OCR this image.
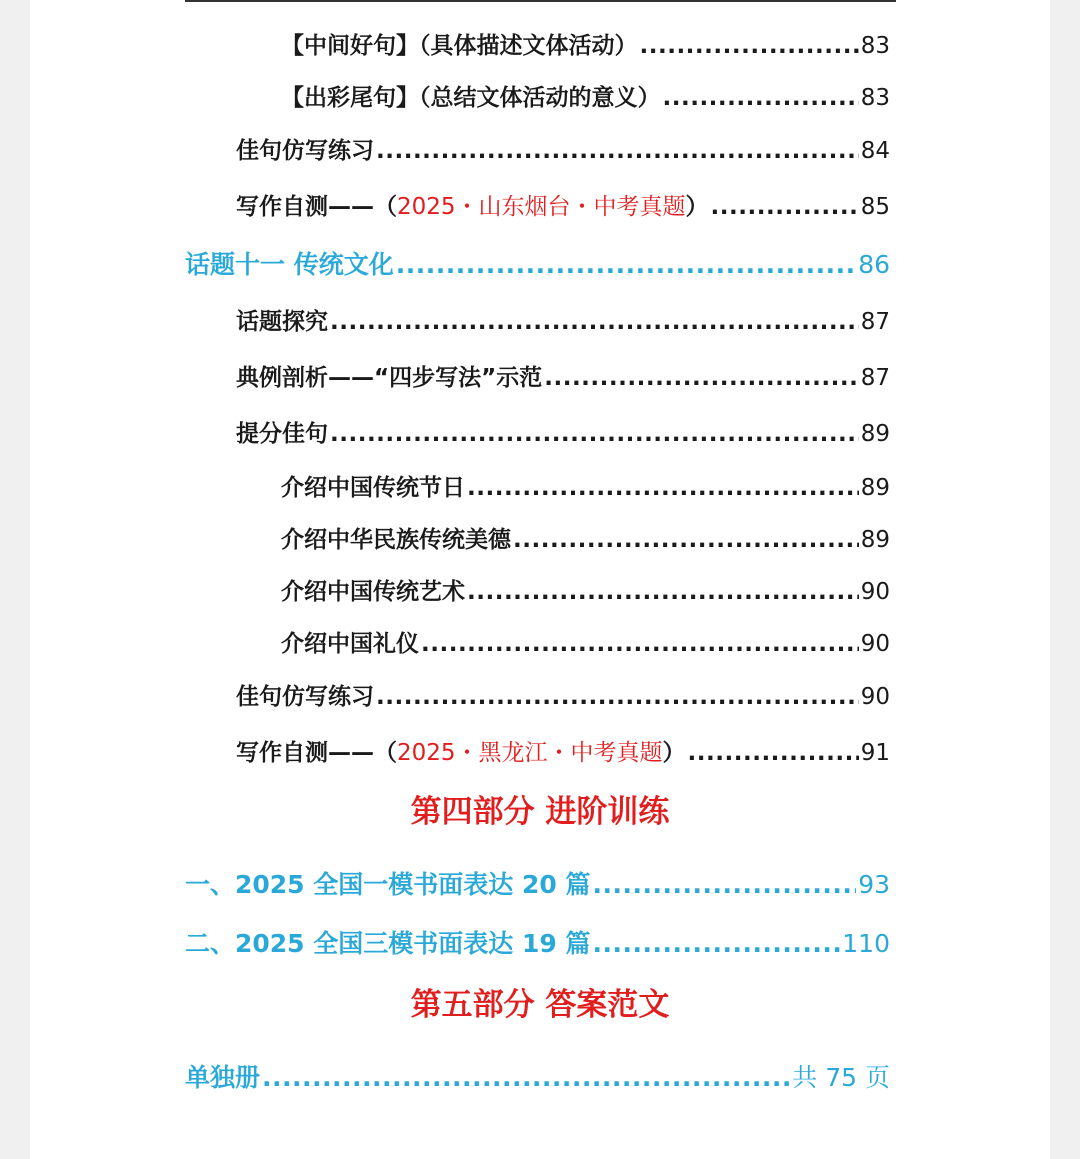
【中间好句】（具体描述文体活动） .....	83
【出彩尾句】（总结文体活动的意义） .....	83
佳句仿写练习 .....	84
写作自测——（2025・山东烟台・中考真题） .....	85
话题十一 传统文化 .....	86
话题探究 .....	87
典例剖析——“四步写法”示范 .....	87
提分佳句 .....	89
介绍中国传统节日 .....	89
介绍中华民族传统美德 .....	89
介绍中国传统艺术 .....	90
介绍中国礼仪 .....	90
佳句仿写练习 .....	90
写作自测——（2025・黑龙江・中考真题） .....	91
第四部分 进阶训练
一、2025 全国一模书面表达 20 篇 .....	93
二、2025 全国三模书面表达 19 篇 .....	110
第五部分 答案范文
单独册 .....	共 75 页
